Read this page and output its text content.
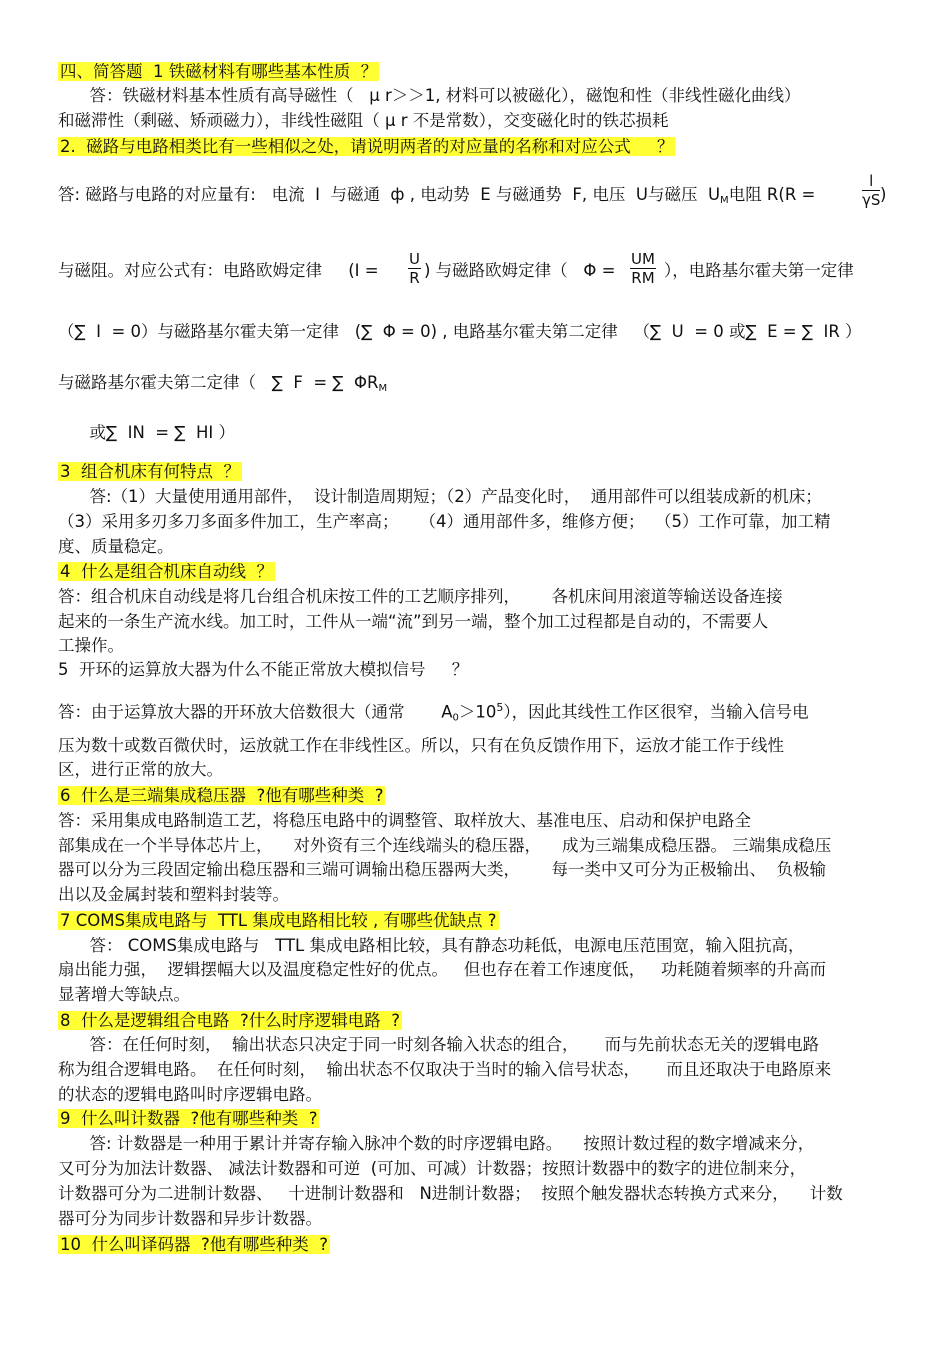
四、简答题  1 铁磁材料有哪些基本性质  ？
答：铁磁材料基本性质有高导磁性（   μ r＞＞1, 材料可以被磁化），磁饱和性（非线性磁化曲线）
和磁滞性（剩磁、矫顽磁力），非线性磁阻（ μ r 不是常数），交变磁化时的铁芯损耗
2.  磁路与电路相类比有一些相似之处，请说明两者的对应量的名称和对应公式     ？
答: 磁路与电路的对应量有:   电流  I  与磁通  ф , 电动势  E 与磁通势  F, 电压  U与磁压  $U_M$电阻 R(R =	$\frac{l}{\gamma S}$ )
与磁阻。对应公式有：电路欧姆定律     ($I = \frac{U}{R}$ ) 与磁路欧姆定律（   $\Phi = \frac{UM}{RM}$ ），电路基尔霍夫第一定律
（∑  I  = 0）与磁路基尔霍夫第一定律   (∑  Φ = 0) , 电路基尔霍夫第二定律   （∑  U  = 0 或∑  E = ∑  IR ）
与磁路基尔霍夫第二定律（   ∑  F  = ∑  $\Phi R_M$
或∑  IN  = ∑  HI ）
3  组合机床有何特点  ？
答:（1）大量使用通用部件，  设计制造周期短；（2）产品变化时，  通用部件可以组装成新的机床；
（3）采用多刃多刀多面多件加工，生产率高；    （4）通用部件多，维修方便；  （5）工作可靠，加工精
度、质量稳定。
4  什么是组合机床自动线  ？
答：组合机床自动线是将几台组合机床按工件的工艺顺序排列，      各机床间用滚道等输送设备连接
起来的一条生产流水线。加工时，工件从一端“流”到另一端，整个加工过程都是自动的，不需要人
工操作。
5  开环的运算放大器为什么不能正常放大模拟信号     ？
答：由于运算放大器的开环放大倍数很大（通常       $A_0>10^5$），因此其线性工作区很窄，当输入信号电
压为数十或数百微伏时，运放就工作在非线性区。所以，只有在负反馈作用下，运放才能工作于线性
区，进行正常的放大。
6  什么是三端集成稳压器  ?他有哪些种类  ?
答：采用集成电路制造工艺，将稳压电路中的调整管、取样放大、基准电压、启动和保护电路全
部集成在一个半导体芯片上，    对外资有三个连线端头的稳压器，    成为三端集成稳压器。 三端集成稳压
器可以分为三段固定输出稳压器和三端可调输出稳压器两大类，      每一类中又可分为正极输出、  负极输
出以及金属封装和塑料封装等。
7 COMS集成电路与  TTL 集成电路相比较 , 有哪些优缺点 ?
答： COMS集成电路与   TTL 集成电路相比较，具有静态功耗低，电源电压范围宽，输入阻抗高，
扇出能力强，  逻辑摆幅大以及温度稳定性好的优点。   但也存在着工作速度低，   功耗随着频率的升高而
显著增大等缺点。
8  什么是逻辑组合电路  ?什么时序逻辑电路  ?
答：在任何时刻，  输出状态只决定于同一时刻各输入状态的组合，     而与先前状态无关的逻辑电路
称为组合逻辑电路。  在任何时刻，  输出状态不仅取决于当时的输入信号状态，     而且还取决于电路原来
的状态的逻辑电路叫时序逻辑电路。
9  什么叫计数器  ?他有哪些种类  ?
答: 计数器是一种用于累计并寄存输入脉冲个数的时序逻辑电路。    按照计数过程的数字增减来分，
又可分为加法计数器、 减法计数器和可逆  (可加、可减）计数器；按照计数器中的数字的进位制来分，
计数器可分为二进制计数器、   十进制计数器和   N进制计数器；  按照个触发器状态转换方式来分，    计数
器可分为同步计数器和异步计数器。
10  什么叫译码器  ?他有哪些种类  ?
